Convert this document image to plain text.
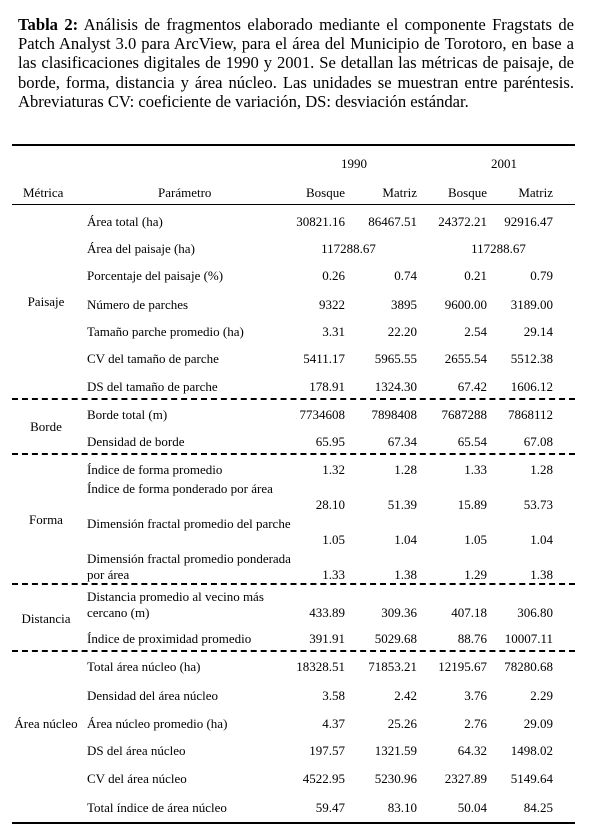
Tabla 2: Análisis de fragmentos elaborado mediante el componente Fragstats de Patch Analyst 3.0 para ArcView, para el área del Municipio de Torotoro, en base a las clasificaciones digitales de 1990 y 2001. Se detallan las métricas de paisaje, de borde, forma, distancia y área núcleo. Las unidades se muestran entre paréntesis. Abreviaturas CV: coeficiente de variación, DS: desviación estándar.
1990	2001
Métrica	Parámetro	Bosque	Matriz	Bosque	Matriz
Paisaje
Área total (ha)	30821.16	86467.51	24372.21	92916.47
Área del paisaje (ha)	117288.67	117288.67
Porcentaje del paisaje (%)	0.26	0.74	0.21	0.79
Número de parches	9322	3895	9600.00	3189.00
Tamaño parche promedio (ha)	3.31	22.20	2.54	29.14
CV del tamaño de parche	5411.17	5965.55	2655.54	5512.38
DS del tamaño de parche	178.91	1324.30	67.42	1606.12
Borde
Borde total (m)	7734608	7898408	7687288	7868112
Densidad de borde	65.95	67.34	65.54	67.08
Forma
Índice de forma promedio	1.32	1.28	1.33	1.28
Índice de forma ponderado por área
28.10	51.39	15.89	53.73
Dimensión fractal promedio del parche
1.05	1.04	1.05	1.04
Dimensión fractal promedio ponderada por área	1.33	1.38	1.29	1.38
Distancia
Distancia promedio al vecino más cercano (m)	433.89	309.36	407.18	306.80
Índice de proximidad promedio	391.91	5029.68	88.76	10007.11
Área núcleo
Total área núcleo (ha)	18328.51	71853.21	12195.67	78280.68
Densidad del área núcleo	3.58	2.42	3.76	2.29
Área núcleo promedio (ha)	4.37	25.26	2.76	29.09
DS del área núcleo	197.57	1321.59	64.32	1498.02
CV del área núcleo	4522.95	5230.96	2327.89	5149.64
Total índice de área núcleo	59.47	83.10	50.04	84.25
